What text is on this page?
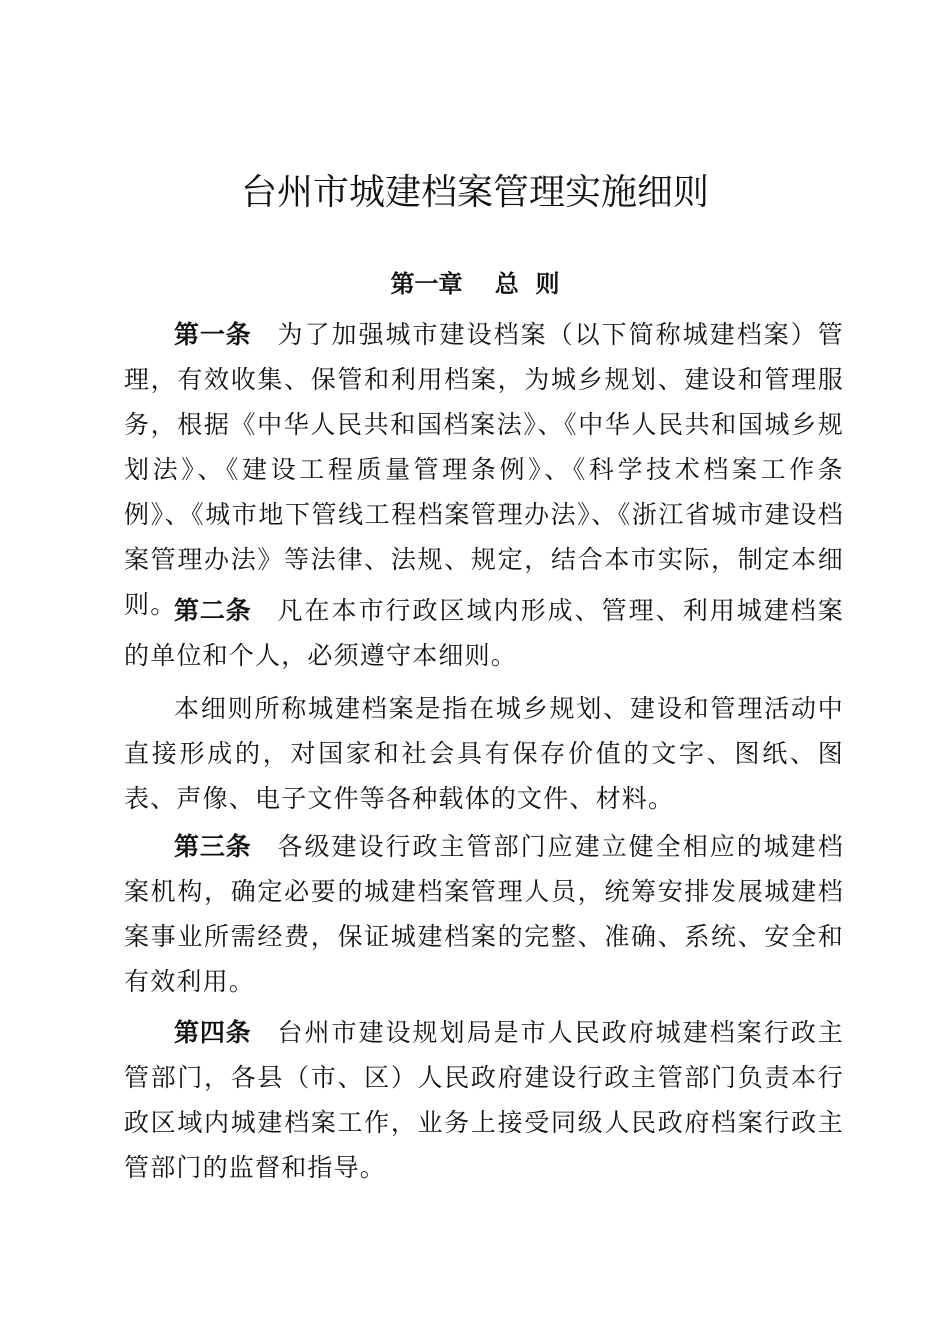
台州市城建档案管理实施细则
第一章　 总  则

第一条 为了加强城市建设档案（以下简称城建档案）管理，有效收集、保管和利用档案，为城乡规划、建设和管理服务，根据《中华人民共和国档案法》、《中华人民共和国城乡规划法》、《建设工程质量管理条例》、《科学技术档案工作条例》、《城市地下管线工程档案管理办法》、《浙江省城市建设档案管理办法》等法律、法规、规定，结合本市实际，制定本细则。

第二条 凡在本市行政区域内形成、管理、利用城建档案的单位和个人，必须遵守本细则。

本细则所称城建档案是指在城乡规划、建设和管理活动中直接形成的，对国家和社会具有保存价值的文字、图纸、图表、声像、电子文件等各种载体的文件、材料。

第三条 各级建设行政主管部门应建立健全相应的城建档案机构，确定必要的城建档案管理人员，统筹安排发展城建档案事业所需经费，保证城建档案的完整、准确、系统、安全和有效利用。

第四条 台州市建设规划局是市人民政府城建档案行政主管部门，各县（市、区）人民政府建设行政主管部门负责本行政区域内城建档案工作，业务上接受同级人民政府档案行政主管部门的监督和指导。
